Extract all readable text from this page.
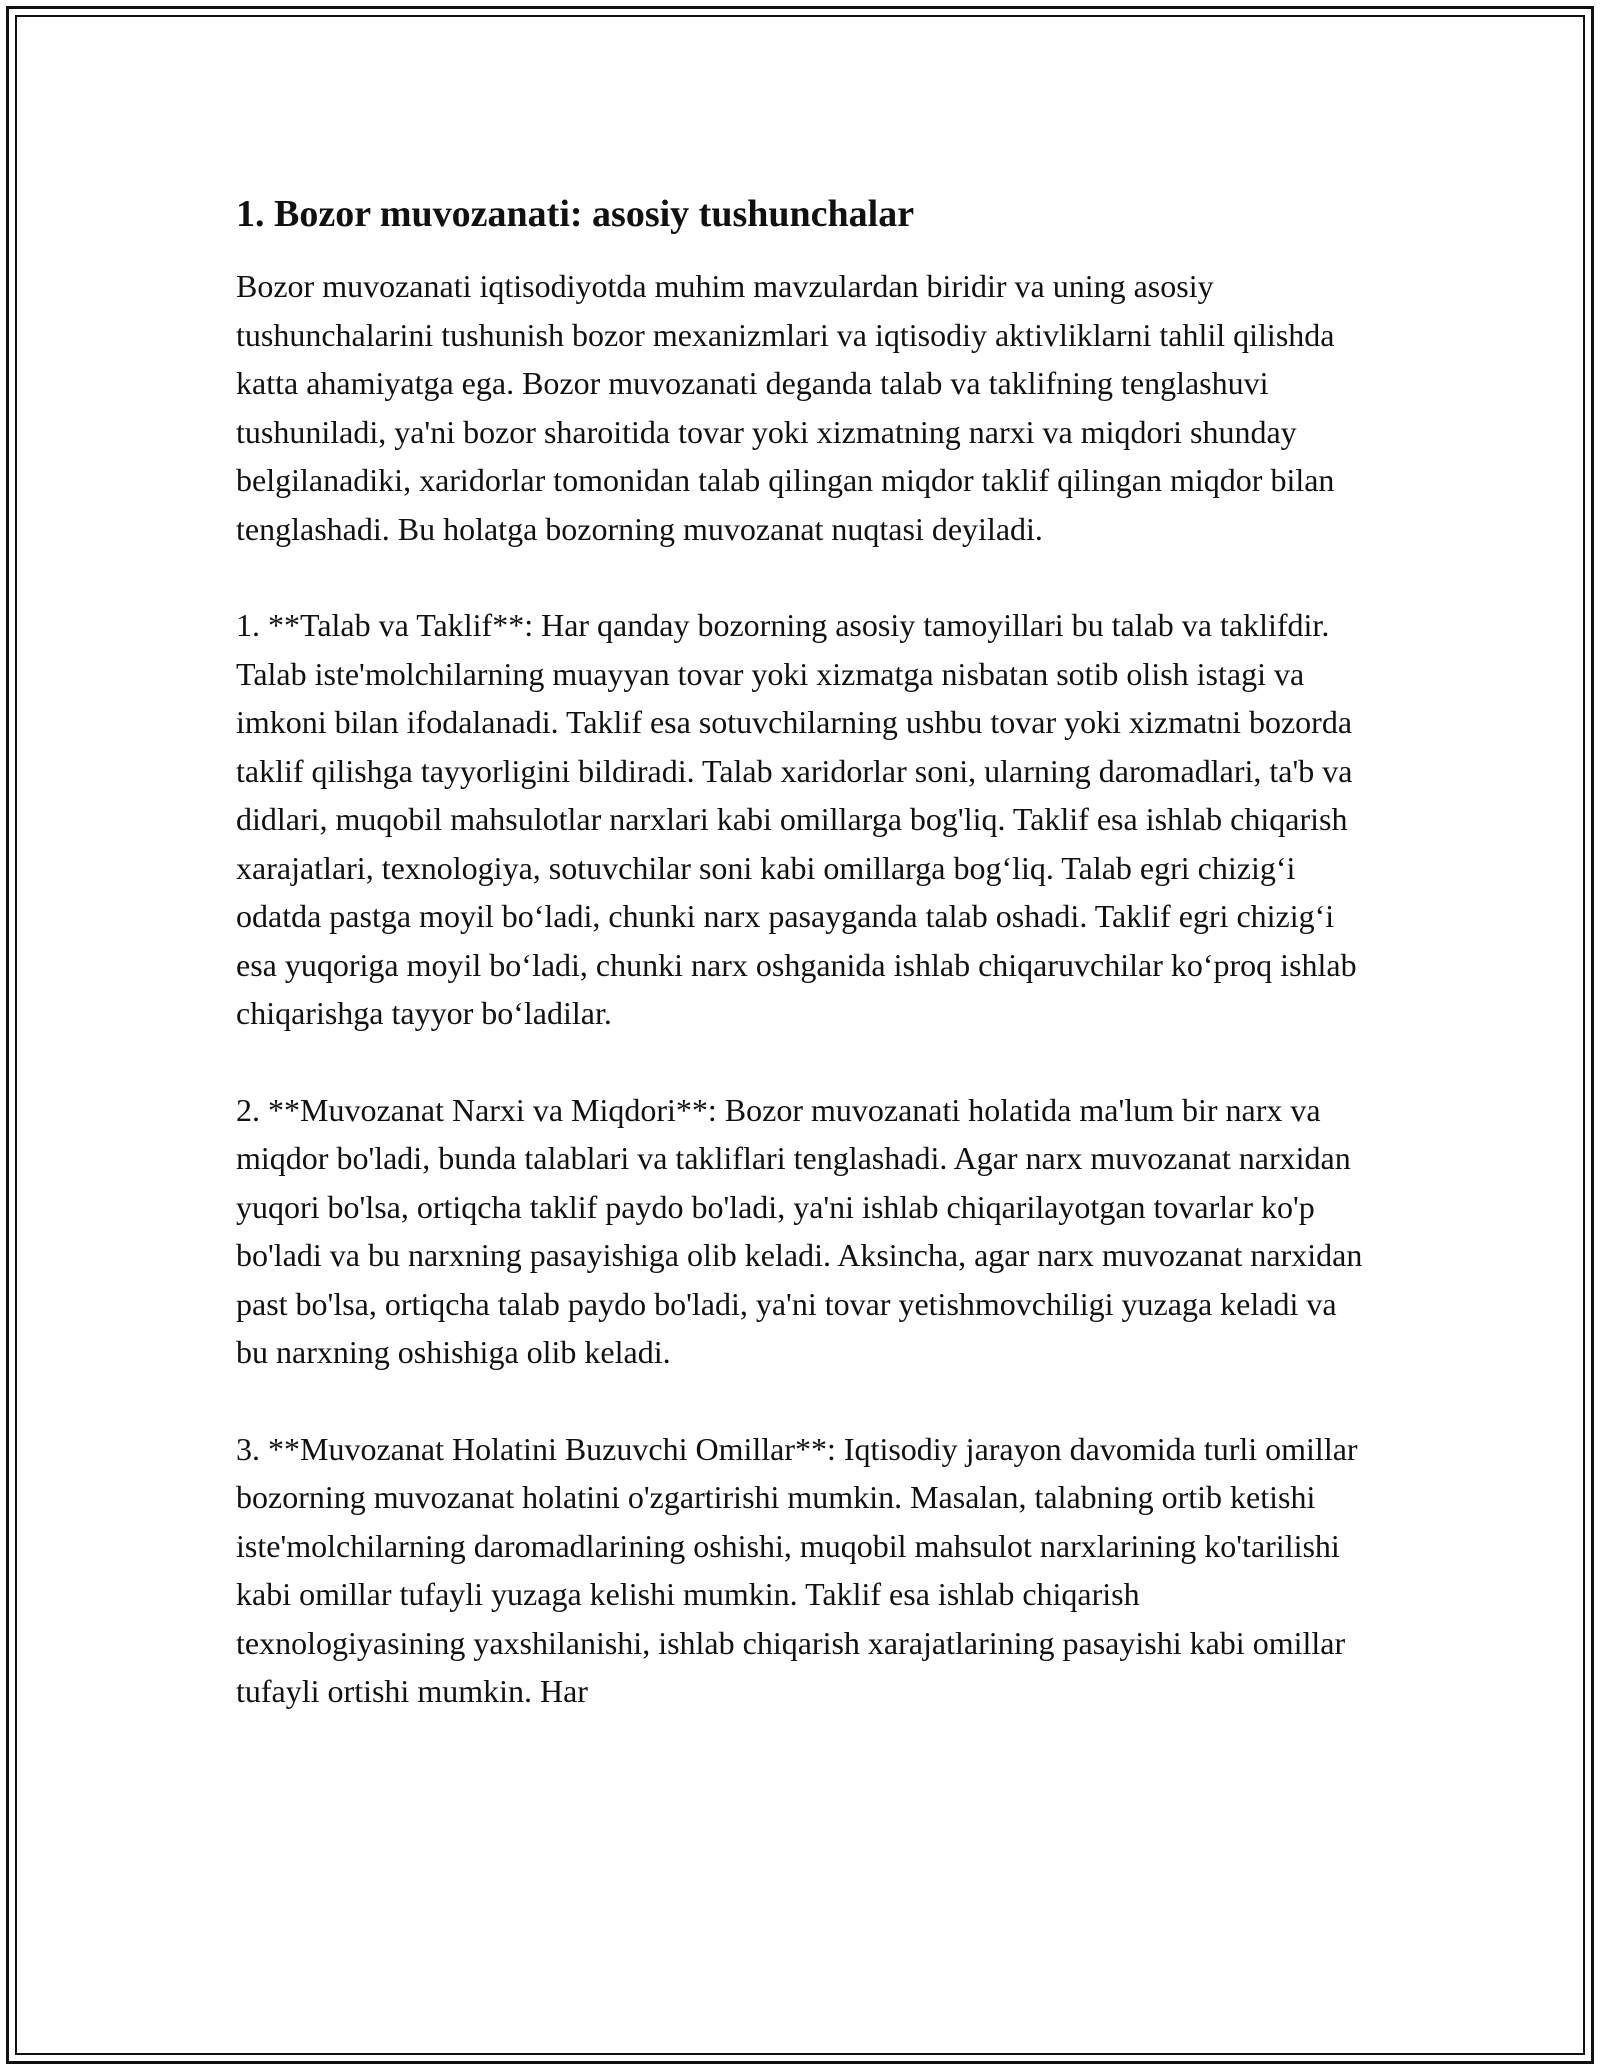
1. Bozor muvozanati: asosiy tushunchalar

Bozor muvozanati iqtisodiyotda muhim mavzulardan biridir va uning asosiy tushunchalarini tushunish bozor mexanizmlari va iqtisodiy aktivliklarni tahlil qilishda katta ahamiyatga ega. Bozor muvozanati deganda talab va taklifning tenglashuvi tushuniladi, ya'ni bozor sharoitida tovar yoki xizmatning narxi va miqdori shunday belgilanadiki, xaridorlar tomonidan talab qilingan miqdor taklif qilingan miqdor bilan tenglashadi. Bu holatga bozorning muvozanat nuqtasi deyiladi.

1. **Talab va Taklif**: Har qanday bozorning asosiy tamoyillari bu talab va taklifdir. Talab iste'molchilarning muayyan tovar yoki xizmatga nisbatan sotib olish istagi va imkoni bilan ifodalanadi. Taklif esa sotuvchilarning ushbu tovar yoki xizmatni bozorda taklif qilishga tayyorligini bildiradi. Talab xaridorlar soni, ularning daromadlari, ta'b va didlari, muqobil mahsulotlar narxlari kabi omillarga bog'liq. Taklif esa ishlab chiqarish xarajatlari, texnologiya, sotuvchilar soni kabi omillarga bog‘liq. Talab egri chizig‘i odatda pastga moyil bo‘ladi, chunki narx pasayganda talab oshadi. Taklif egri chizig‘i esa yuqoriga moyil bo‘ladi, chunki narx oshganida ishlab chiqaruvchilar ko‘proq ishlab chiqarishga tayyor bo‘ladilar.

2. **Muvozanat Narxi va Miqdori**: Bozor muvozanati holatida ma'lum bir narx va miqdor bo'ladi, bunda talablari va takliflari tenglashadi. Agar narx muvozanat narxidan yuqori bo'lsa, ortiqcha taklif paydo bo'ladi, ya'ni ishlab chiqarilayotgan tovarlar ko'p bo'ladi va bu narxning pasayishiga olib keladi. Aksincha, agar narx muvozanat narxidan past bo'lsa, ortiqcha talab paydo bo'ladi, ya'ni tovar yetishmovchiligi yuzaga keladi va bu narxning oshishiga olib keladi.

3. **Muvozanat Holatini Buzuvchi Omillar**: Iqtisodiy jarayon davomida turli omillar bozorning muvozanat holatini o'zgartirishi mumkin. Masalan, talabning ortib ketishi iste'molchilarning daromadlarining oshishi, muqobil mahsulot narxlarining ko'tarilishi kabi omillar tufayli yuzaga kelishi mumkin. Taklif esa ishlab chiqarish texnologiyasining yaxshilanishi, ishlab chiqarish xarajatlarining pasayishi kabi omillar tufayli ortishi mumkin. Har
